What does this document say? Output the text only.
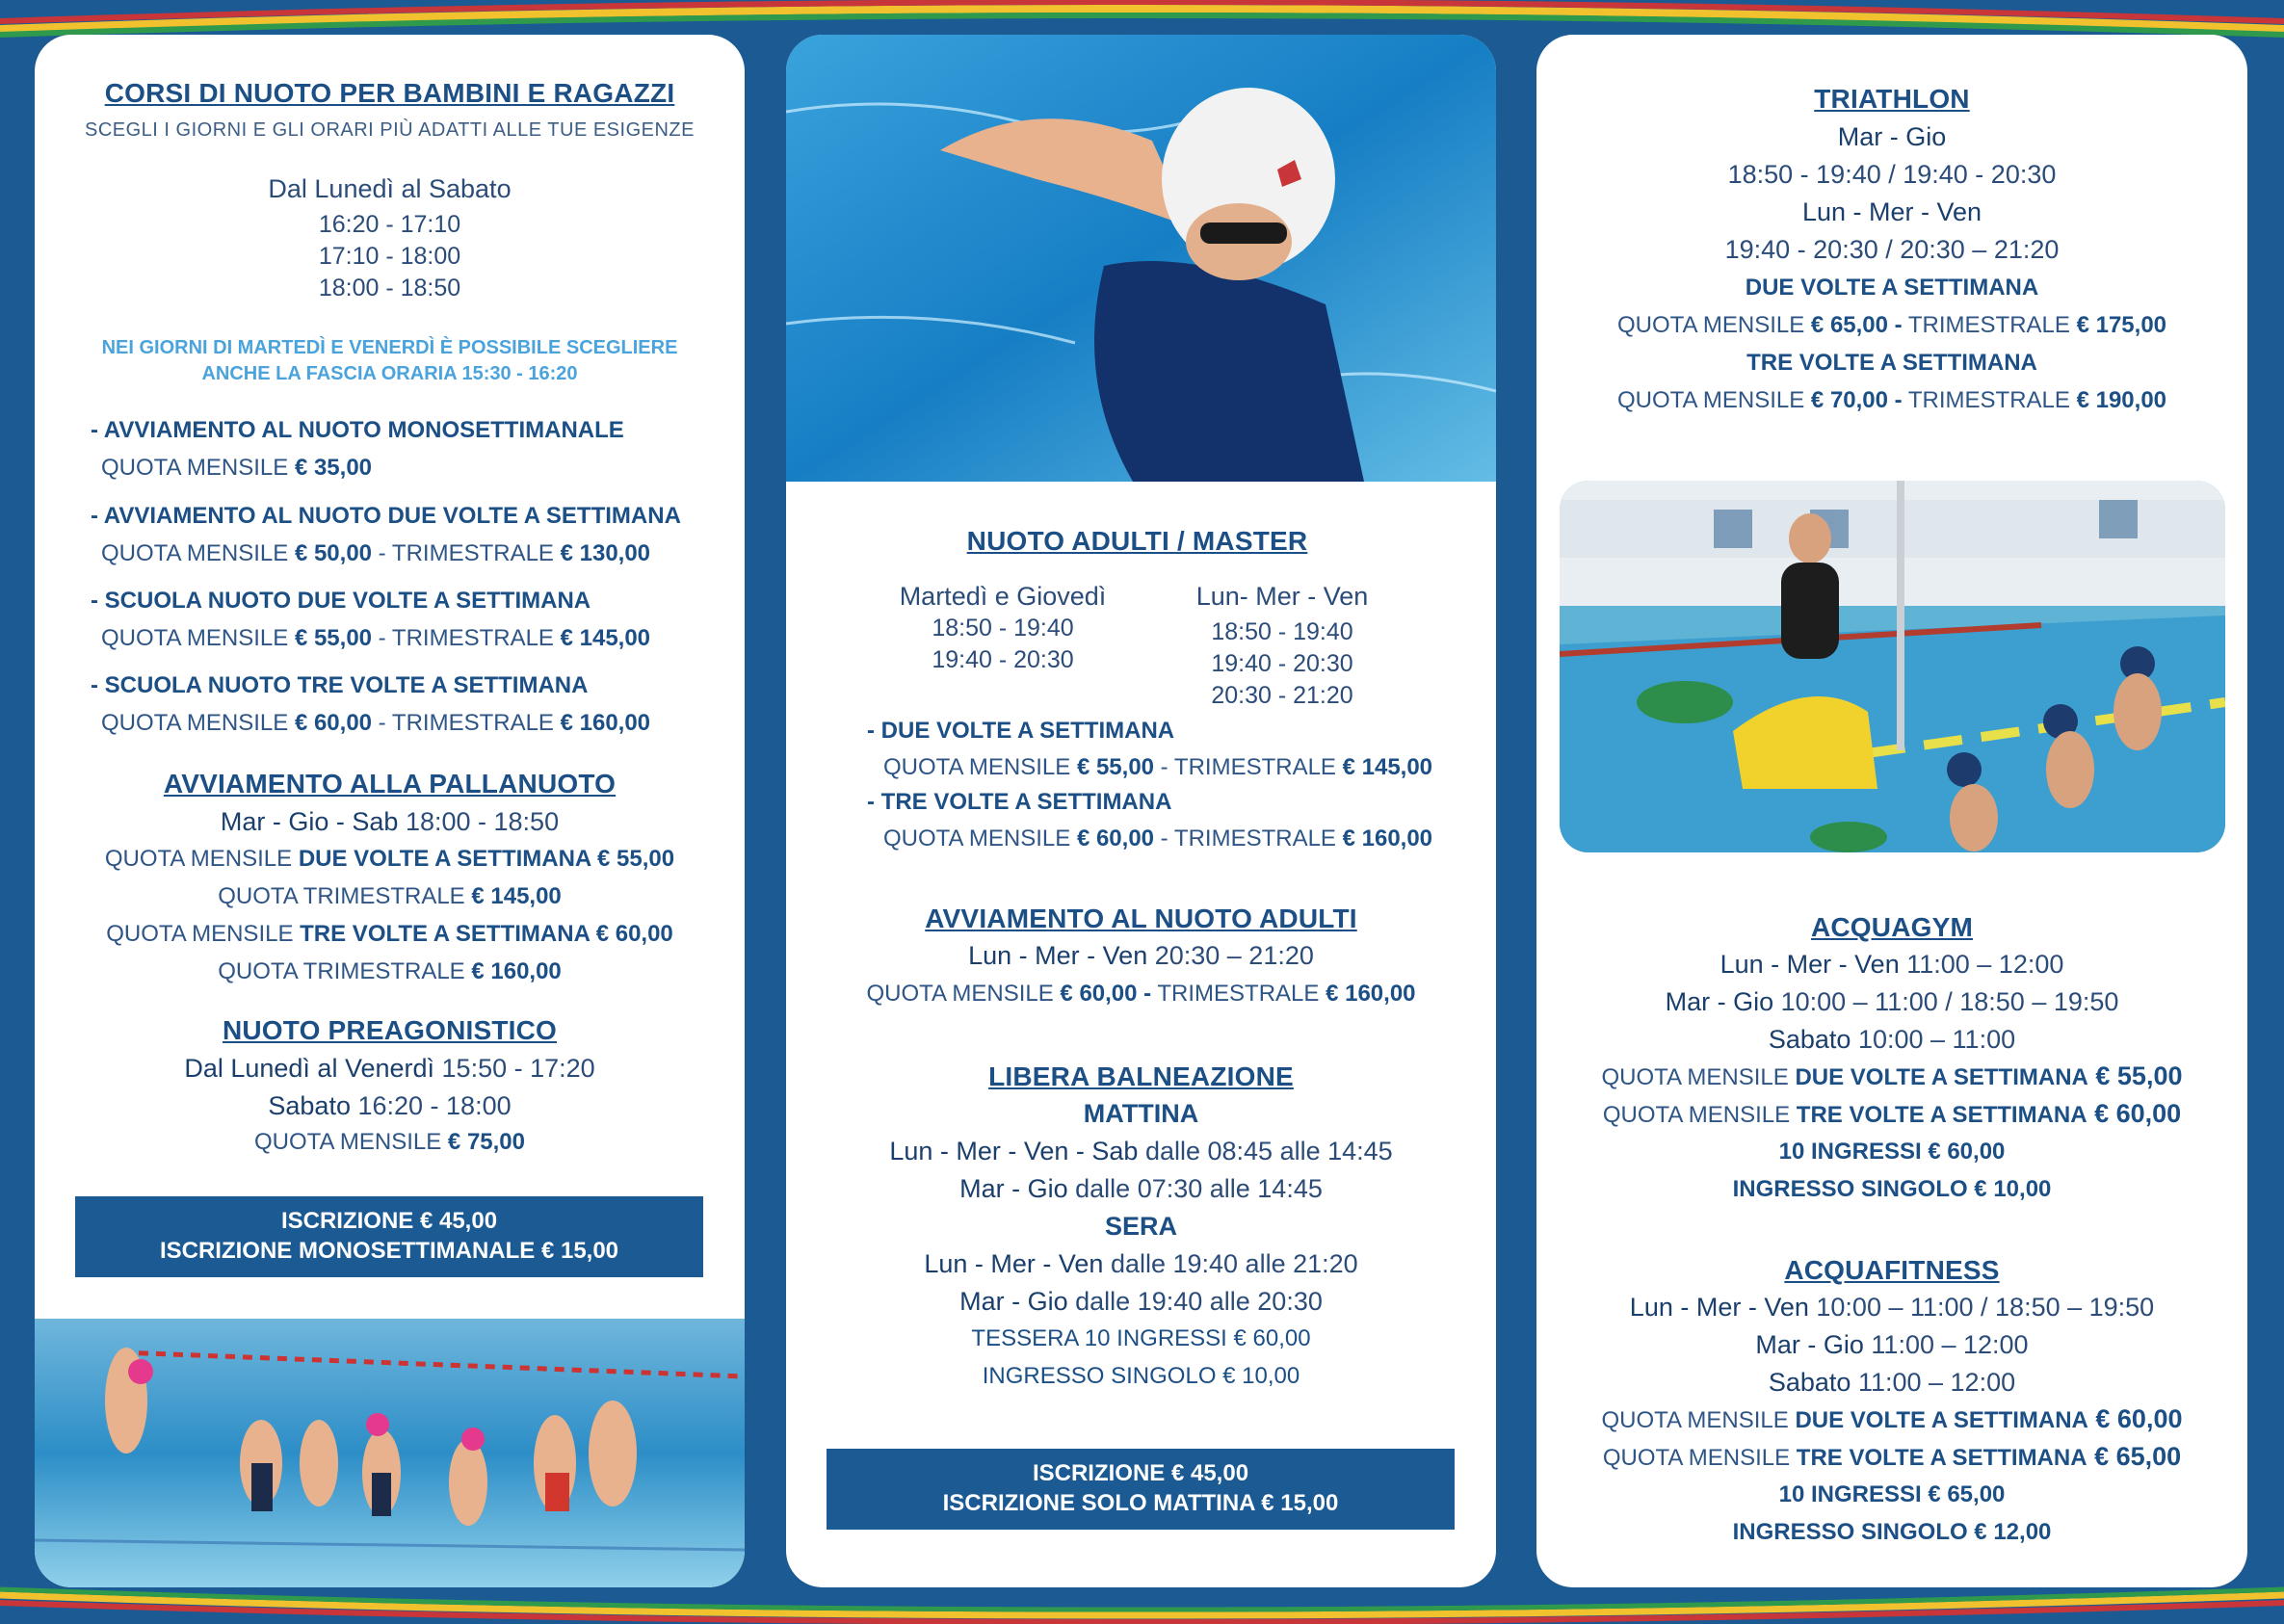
CORSI DI NUOTO PER BAMBINI E RAGAZZI
SCEGLI I GIORNI E GLI ORARI PIÙ ADATTI ALLE TUE ESIGENZE
Dal Lunedì al Sabato
16:20 - 17:10
17:10 - 18:00
18:00 - 18:50
NEI GIORNI DI MARTEDÌ E VENERDÌ È POSSIBILE SCEGLIERE
ANCHE LA FASCIA ORARIA 15:30 - 16:20
- AVVIAMENTO AL NUOTO MONOSETTIMANALE
QUOTA MENSILE € 35,00
- AVVIAMENTO AL NUOTO DUE VOLTE A SETTIMANA
QUOTA MENSILE € 50,00 - TRIMESTRALE € 130,00
- SCUOLA NUOTO DUE VOLTE A SETTIMANA
QUOTA MENSILE € 55,00 - TRIMESTRALE € 145,00
- SCUOLA NUOTO TRE VOLTE A SETTIMANA
QUOTA MENSILE € 60,00 - TRIMESTRALE € 160,00
AVVIAMENTO ALLA PALLANUOTO
Mar - Gio - Sab 18:00 - 18:50
QUOTA MENSILE DUE VOLTE A SETTIMANA € 55,00
QUOTA TRIMESTRALE € 145,00
QUOTA MENSILE TRE VOLTE A SETTIMANA € 60,00
QUOTA TRIMESTRALE € 160,00
NUOTO PREAGONISTICO
Dal Lunedì al Venerdì 15:50 - 17:20
Sabato 16:20 - 18:00
QUOTA MENSILE € 75,00
ISCRIZIONE € 45,00
ISCRIZIONE MONOSETTIMANALE € 15,00
NUOTO ADULTI / MASTER
Martedì e Giovedì
18:50 - 19:40
19:40 - 20:30
Lun- Mer - Ven
18:50 - 19:40
19:40 - 20:30
20:30 - 21:20
- DUE VOLTE A SETTIMANA
QUOTA MENSILE € 55,00 - TRIMESTRALE € 145,00
- TRE VOLTE A SETTIMANA
QUOTA MENSILE € 60,00 - TRIMESTRALE € 160,00
AVVIAMENTO AL NUOTO ADULTI
Lun - Mer - Ven 20:30 – 21:20
QUOTA MENSILE € 60,00 - TRIMESTRALE € 160,00
LIBERA BALNEAZIONE
MATTINA
Lun - Mer - Ven - Sab dalle 08:45 alle 14:45
Mar - Gio dalle 07:30 alle 14:45
SERA
Lun - Mer - Ven dalle 19:40 alle 21:20
Mar - Gio dalle 19:40 alle 20:30
TESSERA 10 INGRESSI € 60,00
INGRESSO SINGOLO € 10,00
ISCRIZIONE € 45,00
ISCRIZIONE SOLO MATTINA € 15,00
TRIATHLON
Mar - Gio
18:50 - 19:40 / 19:40 - 20:30
Lun - Mer - Ven
19:40 - 20:30 / 20:30 – 21:20
DUE VOLTE A SETTIMANA
QUOTA MENSILE € 65,00 - TRIMESTRALE € 175,00
TRE VOLTE A SETTIMANA
QUOTA MENSILE € 70,00 - TRIMESTRALE € 190,00
ACQUAGYM
Lun - Mer - Ven 11:00 – 12:00
Mar - Gio 10:00 – 11:00 / 18:50 – 19:50
Sabato 10:00 – 11:00
QUOTA MENSILE DUE VOLTE A SETTIMANA € 55,00
QUOTA MENSILE TRE VOLTE A SETTIMANA € 60,00
10 INGRESSI € 60,00
INGRESSO SINGOLO € 10,00
ACQUAFITNESS
Lun - Mer - Ven 10:00 – 11:00 / 18:50 – 19:50
Mar - Gio 11:00 – 12:00
Sabato 11:00 – 12:00
QUOTA MENSILE DUE VOLTE A SETTIMANA € 60,00
QUOTA MENSILE TRE VOLTE A SETTIMANA € 65,00
10 INGRESSI € 65,00
INGRESSO SINGOLO € 12,00
